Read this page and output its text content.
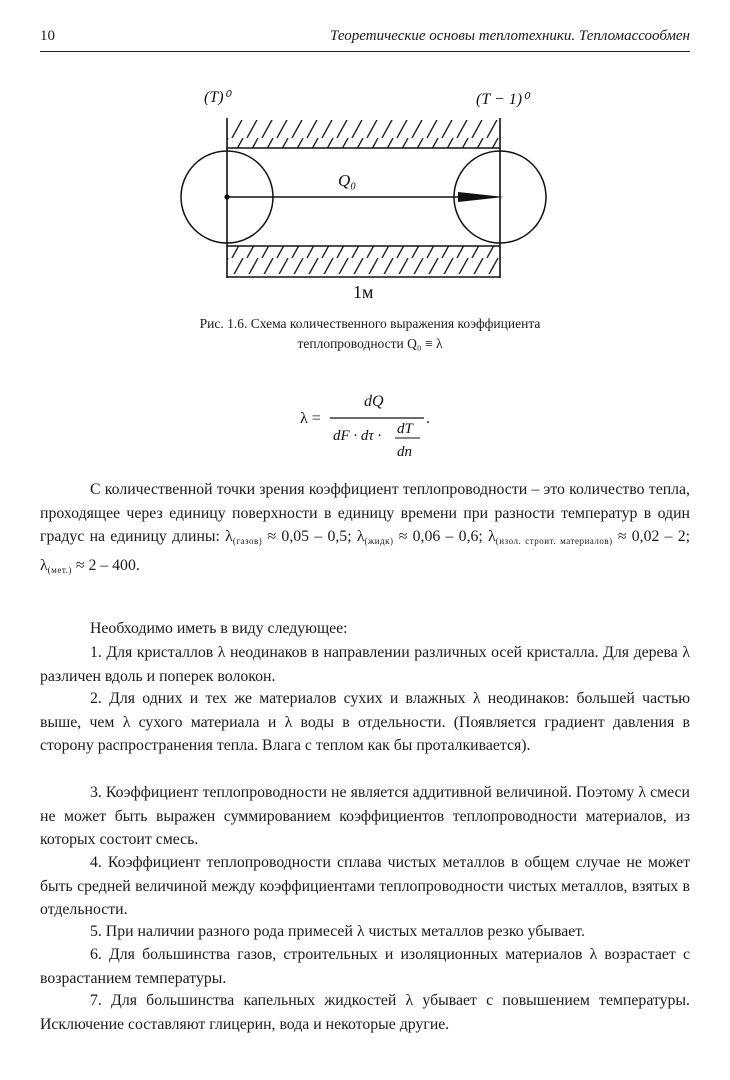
10	Теоретические основы теплотехники. Тепломассообмен
(T)⁰	(T − 1)⁰
Q₀
1м
Рис. 1.6. Схема количественного выражения коэффициента
теплопроводности Q₀ ≡ λ
λ =
dQ
dF · dτ · dT
dn
.
С количественной точки зрения коэффициент теплопроводности – это количество тепла, проходящее через единицу поверхности в единицу времени при разности температур в один градус на единицу длины: $\lambda_{(газов)} \approx 0,05 - 0,5$; $\lambda_{(жидк)} \approx 0,06 - 0,6$; $\lambda_{(изол. строит. материалов)} \approx 0,02 - 2$; $\lambda_{(мет.)} \approx 2 - 400$.
Необходимо иметь в виду следующее:
1. Для кристаллов λ неодинаков в направлении различных осей кристалла. Для дерева λ различен вдоль и поперек волокон.
2. Для одних и тех же материалов сухих и влажных λ неодинаков: большей частью выше, чем λ сухого материала и λ воды в отдельности. (Появляется градиент давления в сторону распространения тепла. Влага с теплом как бы проталкивается).
3. Коэффициент теплопроводности не является аддитивной величиной. Поэтому λ смеси не может быть выражен суммированием коэффициентов теплопроводности материалов, из которых состоит смесь.
4. Коэффициент теплопроводности сплава чистых металлов в общем случае не может быть средней величиной между коэффициентами теплопроводности чистых металлов, взятых в отдельности.
5. При наличии разного рода примесей λ чистых металлов резко убывает.
6. Для большинства газов, строительных и изоляционных материалов λ возрастает с возрастанием температуры.
7. Для большинства капельных жидкостей λ убывает с повышением температуры. Исключение составляют глицерин, вода и некоторые другие.
